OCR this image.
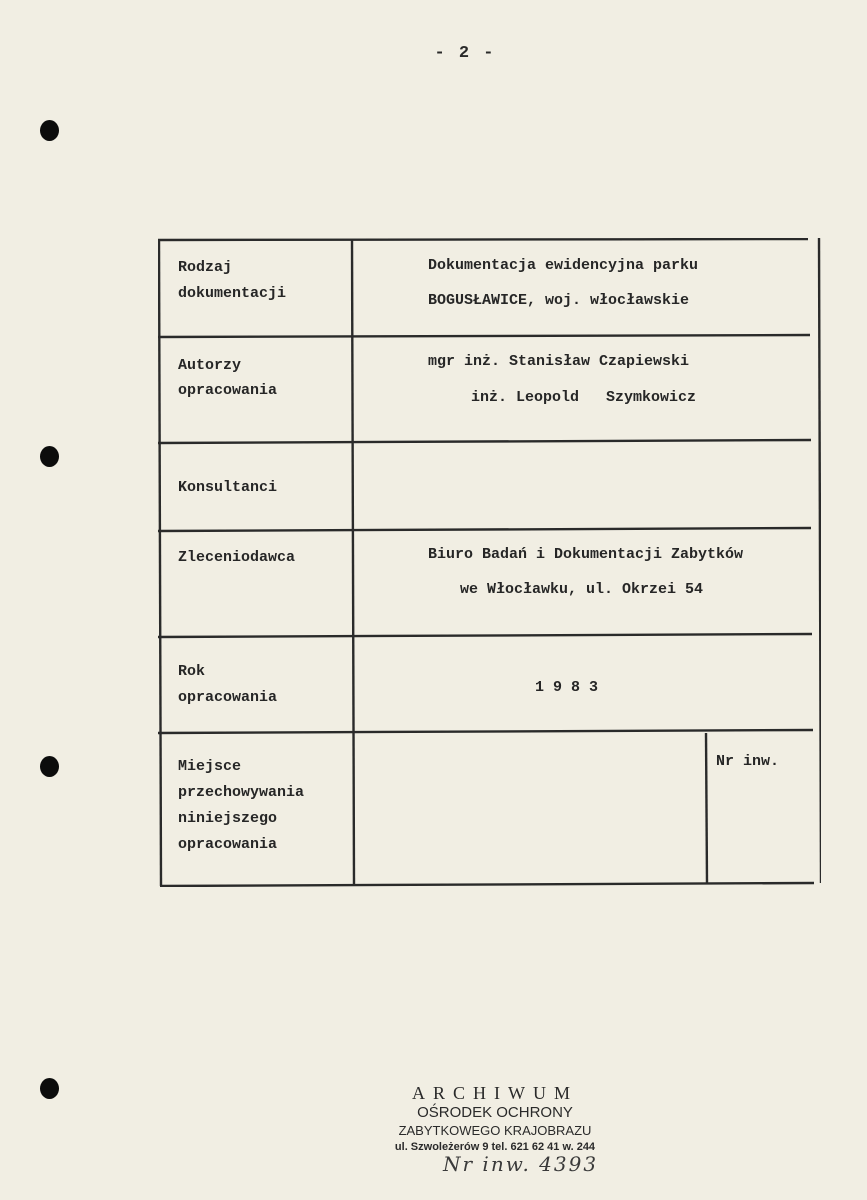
- 2 -
Rodzaj
dokumentacji
Dokumentacja ewidencyjna parku
BOGUSŁAWICE, woj. włocławskie
Autorzy
opracowania
mgr inż. Stanisław Czapiewski
inż. Leopold   Szymkowicz
Konsultanci
Zleceniodawca	Biuro Badań i Dokumentacji Zabytków
we Włocławku, ul. Okrzei 54
Rok
opracowania
1 9 8 3
Miejsce
przechowywania
niniejszego
opracowania
Nr inw.
ARCHIWUM
OŚRODEK OCHRONY
ZABYTKOWEGO KRAJOBRAZU
ul. Szwoleżerów 9 tel. 621 62 41 w. 244
Nr inw. 4393
